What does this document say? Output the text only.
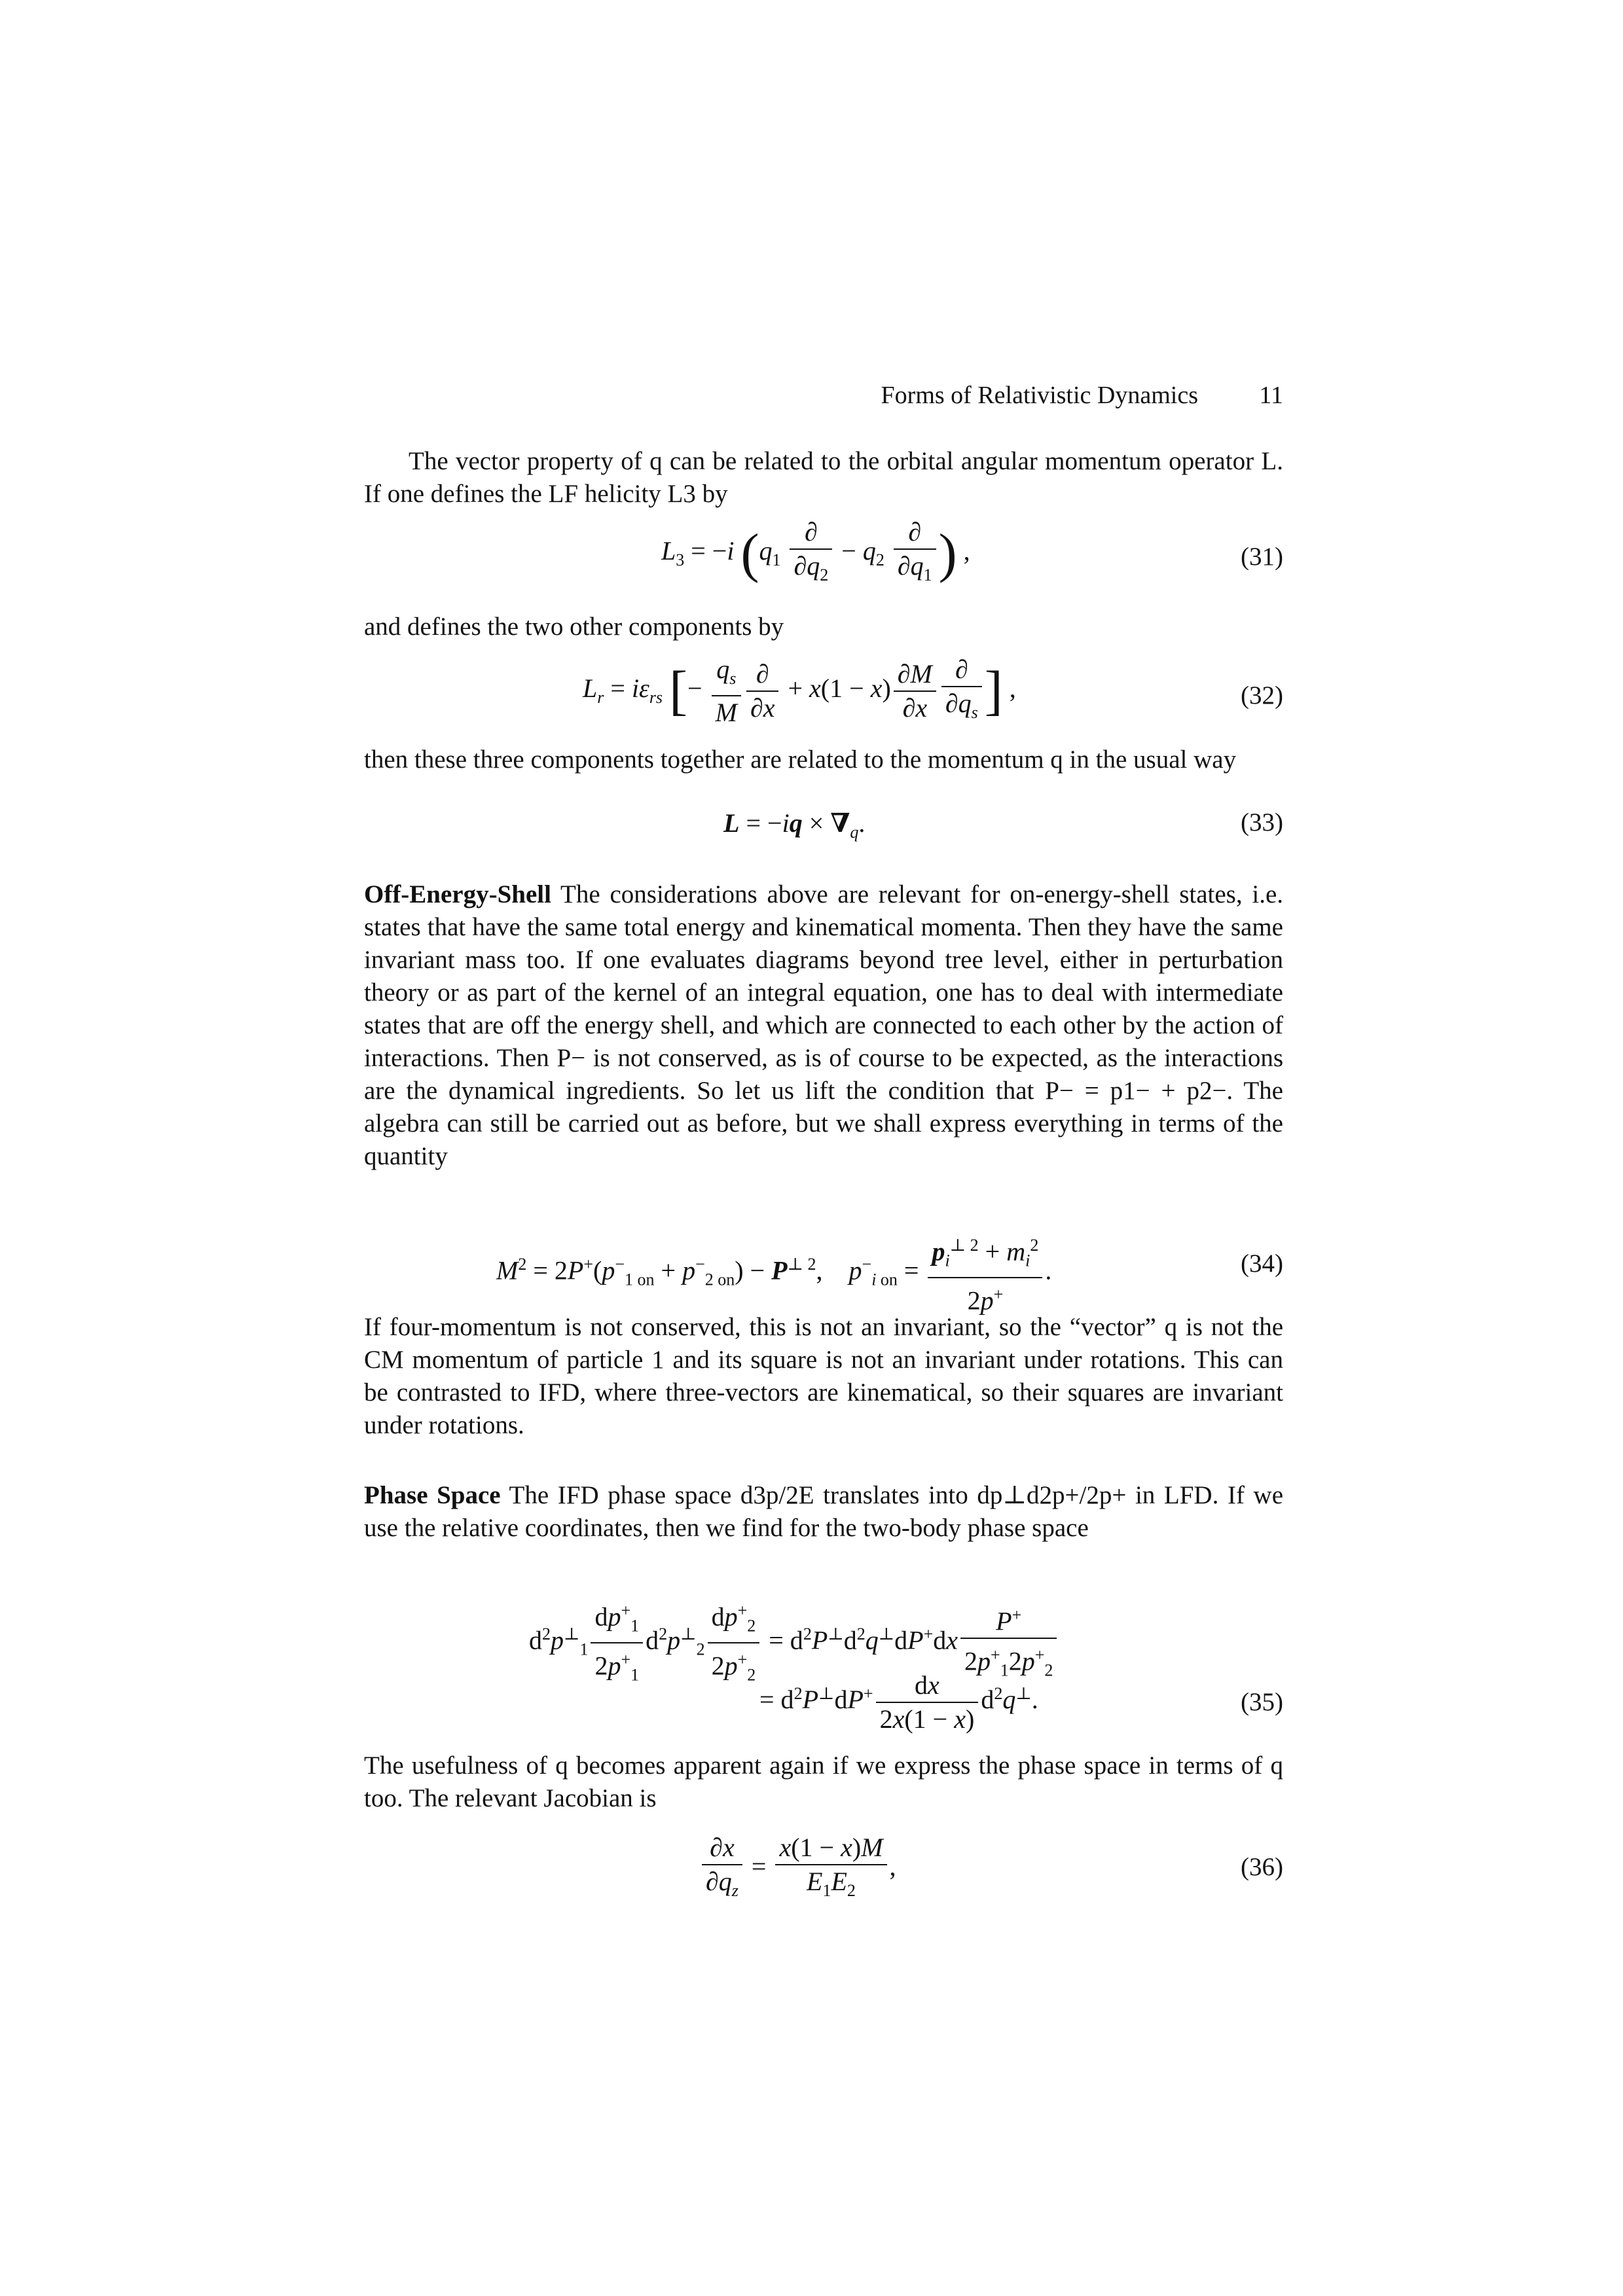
Forms of Relativistic Dynamics 11
The vector property of q can be related to the orbital angular momentum operator L. If one defines the LF helicity L3 by
$L_3 = -i$ ($q_1 \frac{\partial}{\partial q_2} - q_2 \frac{\partial}{\partial q_1}$ ) ,	(31)
and defines the two other components by
$L_r = i\varepsilon_{rs}$ [− $\frac{q_s}{M} \frac{\partial}{\partial x} + x(1 - x) \frac{\partial M}{\partial x} \frac{\partial}{\partial q_s}$ ] ,	(32)
then these three components together are related to the momentum q in the usual way
$L = -iq \times \nabla_q$.	(33)
Off-Energy-Shell The considerations above are relevant for on-energy-shell states, i.e. states that have the same total energy and kinematical momenta. Then they have the same invariant mass too. If one evaluates diagrams beyond tree level, either in perturbation theory or as part of the kernel of an integral equation, one has to deal with intermediate states that are off the energy shell, and which are connected to each other by the action of interactions. Then P− is not conserved, as is of course to be expected, as the interactions are the dynamical ingredients. So let us lift the condition that P− = p1− + p2−. The algebra can still be carried out as before, but we shall express everything in terms of the quantity
$M^2 = 2P^+(p^-_{1 on} + p^-_{2 on}) - P^{\perp 2}$,    $p^-_{i on} = \frac{p_i^{\perp 2} + m_i^2}{2p^+}$ .	(34)
If four-momentum is not conserved, this is not an invariant, so the “vector” q is not the CM momentum of particle 1 and its square is not an invariant under rotations. This can be contrasted to IFD, where three-vectors are kinematical, so their squares are invariant under rotations.
Phase Space The IFD phase space d3p/2E translates into dp⊥d2p+/2p+ in LFD. If we use the relative coordinates, then we find for the two-body phase space
$d^2p^\perp_1 \frac{dp^+_1}{2p^+_1} d^2p^\perp_2 \frac{dp^+_2}{2p^+_2} = d^2P^\perp d^2q^\perp dP^+dx \frac{P^+}{2p^+_12p^+_2}$
= $d^2P^\perp dP^+ \frac{dx}{2x(1 - x)} d^2q^\perp$.	(35)
The usefulness of q becomes apparent again if we express the phase space in terms of q too. The relevant Jacobian is
$\frac{\partial x}{\partial q_z} = \frac{x(1 - x)M}{E_1E_2}$ ,	(36)
